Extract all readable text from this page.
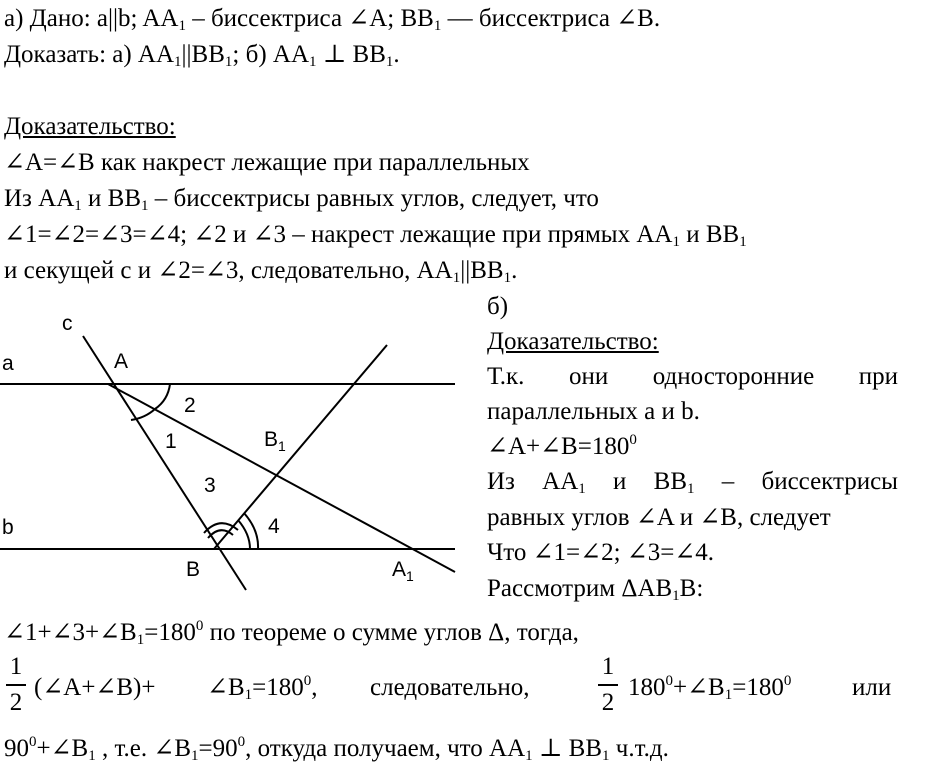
а) Дано: a||b; $AA_1$ – биссектриса ∠A; $BB_1$ — биссектриса ∠B.
Доказать: а) $AA_1||BB_1$; б) $AA_1$ ⊥ $BB_1$.
Доказательство:
∠A=∠B как накрест лежащие при параллельных
Из $AA_1$ и $BB_1$ – биссектрисы равных углов, следует, что
∠1=∠2=∠3=∠4; ∠2 и ∠3 – накрест лежащие при прямых $AA_1$ и $BB_1$
и секущей c и ∠2=∠3, следовательно, $AA_1||BB_1$.
c
a
b
A
B
$B_1$
$A_1$
1
2
3
4
б)
Доказательство:
Т.к. они односторонние при
параллельных a и b.
$\angle A+\angle B=180^0$
Из $AA_1$ и $BB_1$ – биссектрисы
равных углов ∠A и ∠B, следует
Что ∠1=∠2; ∠3=∠4.
Рассмотрим $\Delta AB_1B$:
$\angle 1+\angle 3+\angle B_1=180^0$ по теореме о сумме углов Δ, тогда,
1
2
(∠A+∠B)+ $\angle B_1=180^0$, следовательно,
1
2
$180^0+\angle B_1=180^0$ или
$90^0+\angle B_1$ , т.е. $\angle B_1=90^0$, откуда получаем, что $AA_1$ ⊥ $BB_1$ ч.т.д.
